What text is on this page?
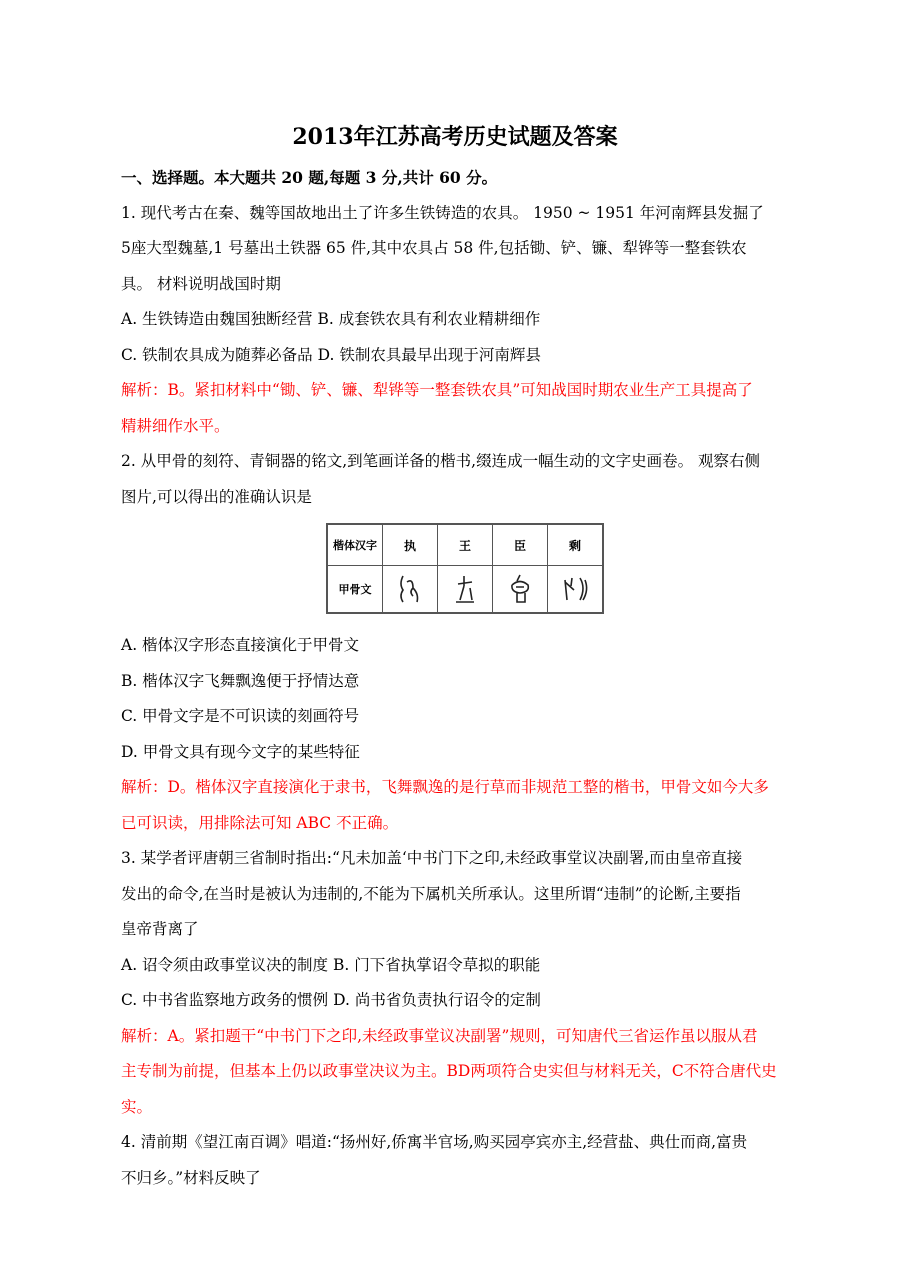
2013年江苏高考历史试题及答案
一、选择题。本大题共 20 题,每题 3 分,共计 60 分。
1. 现代考古在秦、魏等国故地出土了许多生铁铸造的农具。 1950 ~ 1951 年河南辉县发掘了
5座大型魏墓,1 号墓出土铁器 65 件,其中农具占 58 件,包括锄、铲、镰、犁铧等一整套铁农
具。 材料说明战国时期
A. 生铁铸造由魏国独断经营 B. 成套铁农具有利农业精耕细作
C. 铁制农具成为随葬必备品 D. 铁制农具最早出现于河南辉县
解析：B。紧扣材料中“锄、铲、镰、犁铧等一整套铁农具”可知战国时期农业生产工具提高了
精耕细作水平。
2. 从甲骨的刻符、青铜器的铭文,到笔画详备的楷书,缀连成一幅生动的文字史画卷。 观察右侧
图片,可以得出的准确认识是
楷体汉字	执	王	臣	剩
甲骨文	

A. 楷体汉字形态直接演化于甲骨文
B. 楷体汉字飞舞飘逸便于抒情达意
C. 甲骨文字是不可识读的刻画符号
D. 甲骨文具有现今文字的某些特征
解析：D。楷体汉字直接演化于隶书，飞舞飘逸的是行草而非规范工整的楷书，甲骨文如今大多
已可识读，用排除法可知 ABC 不正确。
3. 某学者评唐朝三省制时指出:“凡未加盖‘中书门下之印,未经政事堂议决副署,而由皇帝直接
发出的命令,在当时是被认为违制的,不能为下属机关所承认。这里所谓“违制”的论断,主要指
皇帝背离了
A. 诏令须由政事堂议决的制度 B. 门下省执掌诏令草拟的职能
C. 中书省监察地方政务的惯例 D. 尚书省负责执行诏令的定制
解析：A。紧扣题干“中书门下之印,未经政事堂议决副署”规则，可知唐代三省运作虽以服从君
主专制为前提，但基本上仍以政事堂决议为主。BD两项符合史实但与材料无关，C不符合唐代史
实。
4. 清前期《望江南百调》唱道:“扬州好,侨寓半官场,购买园亭宾亦主,经营盐、典仕而商,富贵
不归乡。”材料反映了
